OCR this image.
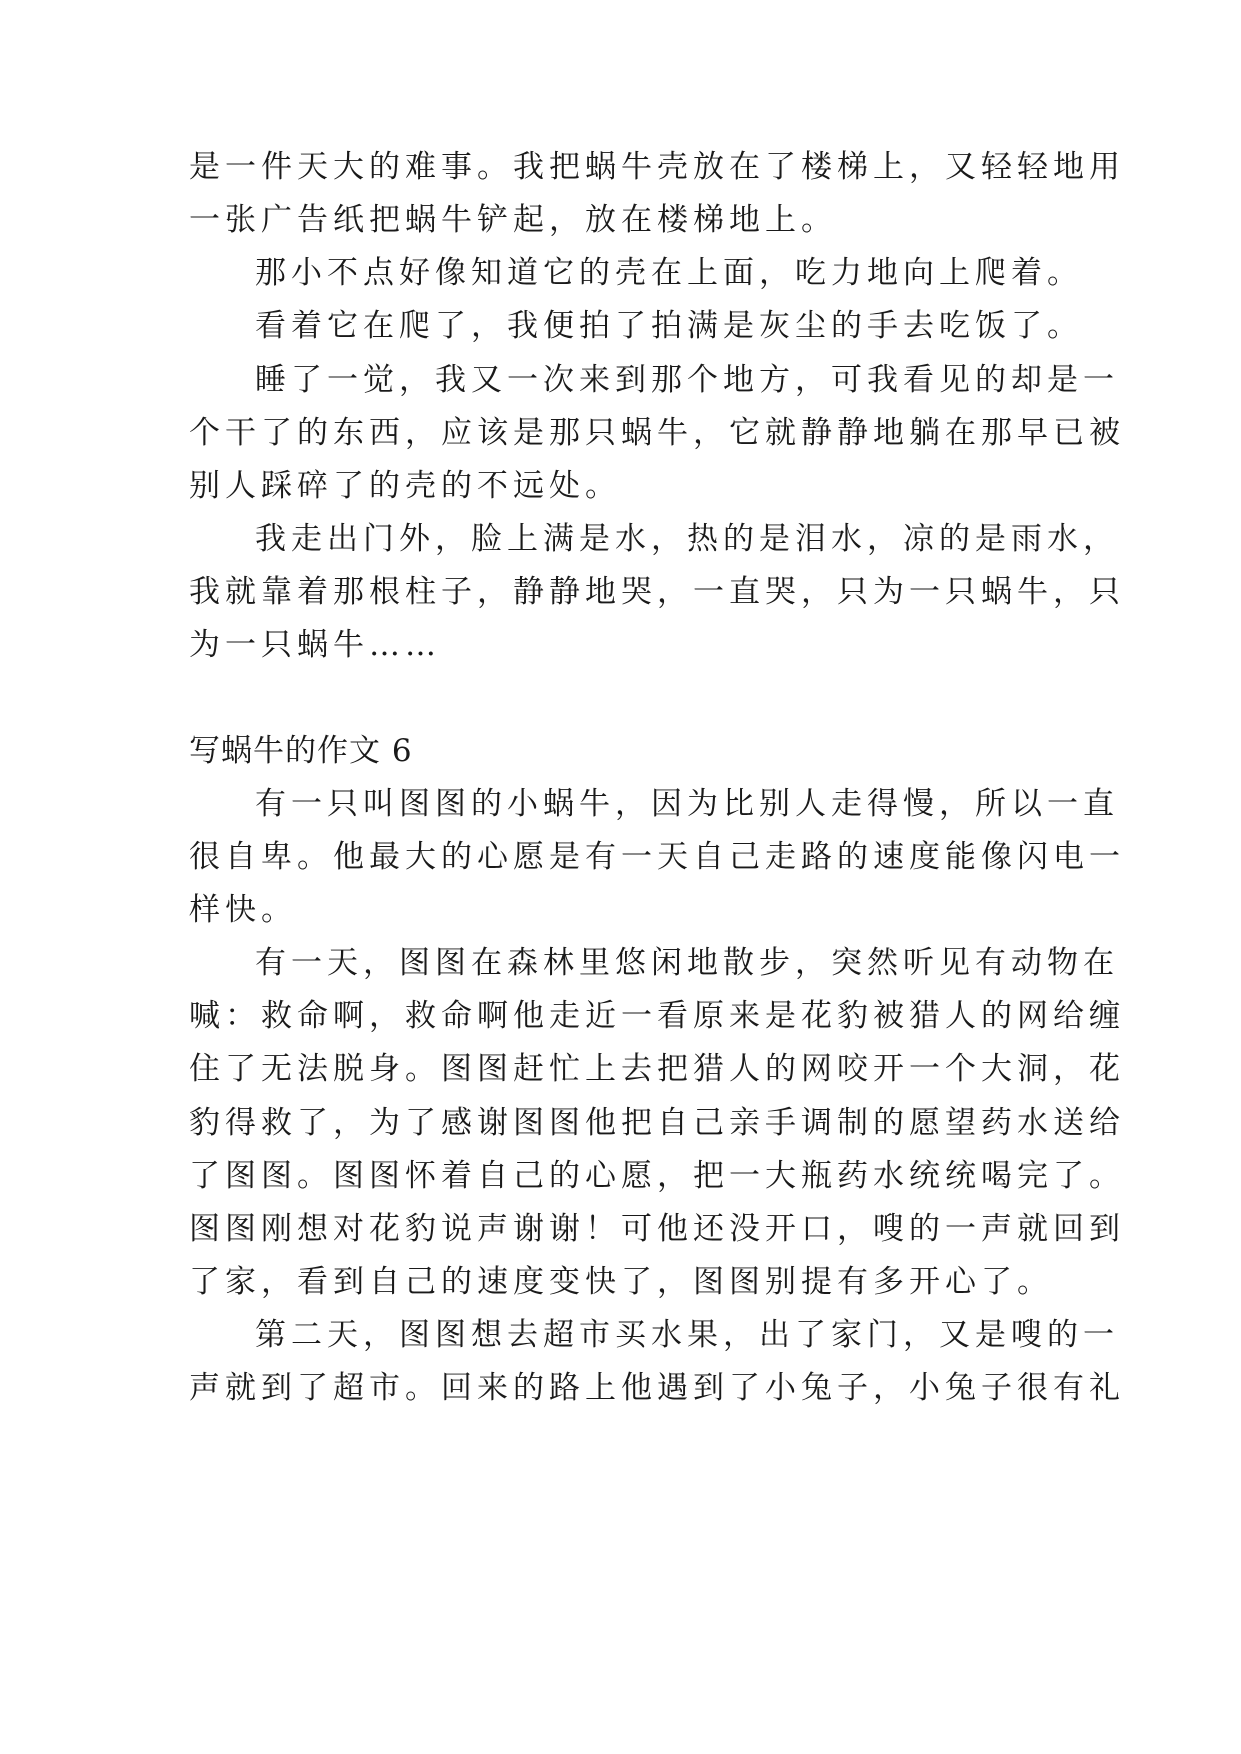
是一件天大的难事。我把蜗牛壳放在了楼梯上，又轻轻地用
一张广告纸把蜗牛铲起，放在楼梯地上。
那小不点好像知道它的壳在上面，吃力地向上爬着。
看着它在爬了，我便拍了拍满是灰尘的手去吃饭了。
睡了一觉，我又一次来到那个地方，可我看见的却是一
个干了的东西，应该是那只蜗牛，它就静静地躺在那早已被
别人踩碎了的壳的不远处。
我走出门外，脸上满是水，热的是泪水，凉的是雨水，
我就靠着那根柱子，静静地哭，一直哭，只为一只蜗牛，只
为一只蜗牛……
写蜗牛的作文 6
有一只叫图图的小蜗牛，因为比别人走得慢，所以一直
很自卑。他最大的心愿是有一天自己走路的速度能像闪电一
样快。
有一天，图图在森林里悠闲地散步，突然听见有动物在
喊：救命啊，救命啊他走近一看原来是花豹被猎人的网给缠
住了无法脱身。图图赶忙上去把猎人的网咬开一个大洞，花
豹得救了，为了感谢图图他把自己亲手调制的愿望药水送给
了图图。图图怀着自己的心愿，把一大瓶药水统统喝完了。
图图刚想对花豹说声谢谢！可他还没开口，嗖的一声就回到
了家，看到自己的速度变快了，图图别提有多开心了。
第二天，图图想去超市买水果，出了家门，又是嗖的一
声就到了超市。回来的路上他遇到了小兔子，小兔子很有礼
